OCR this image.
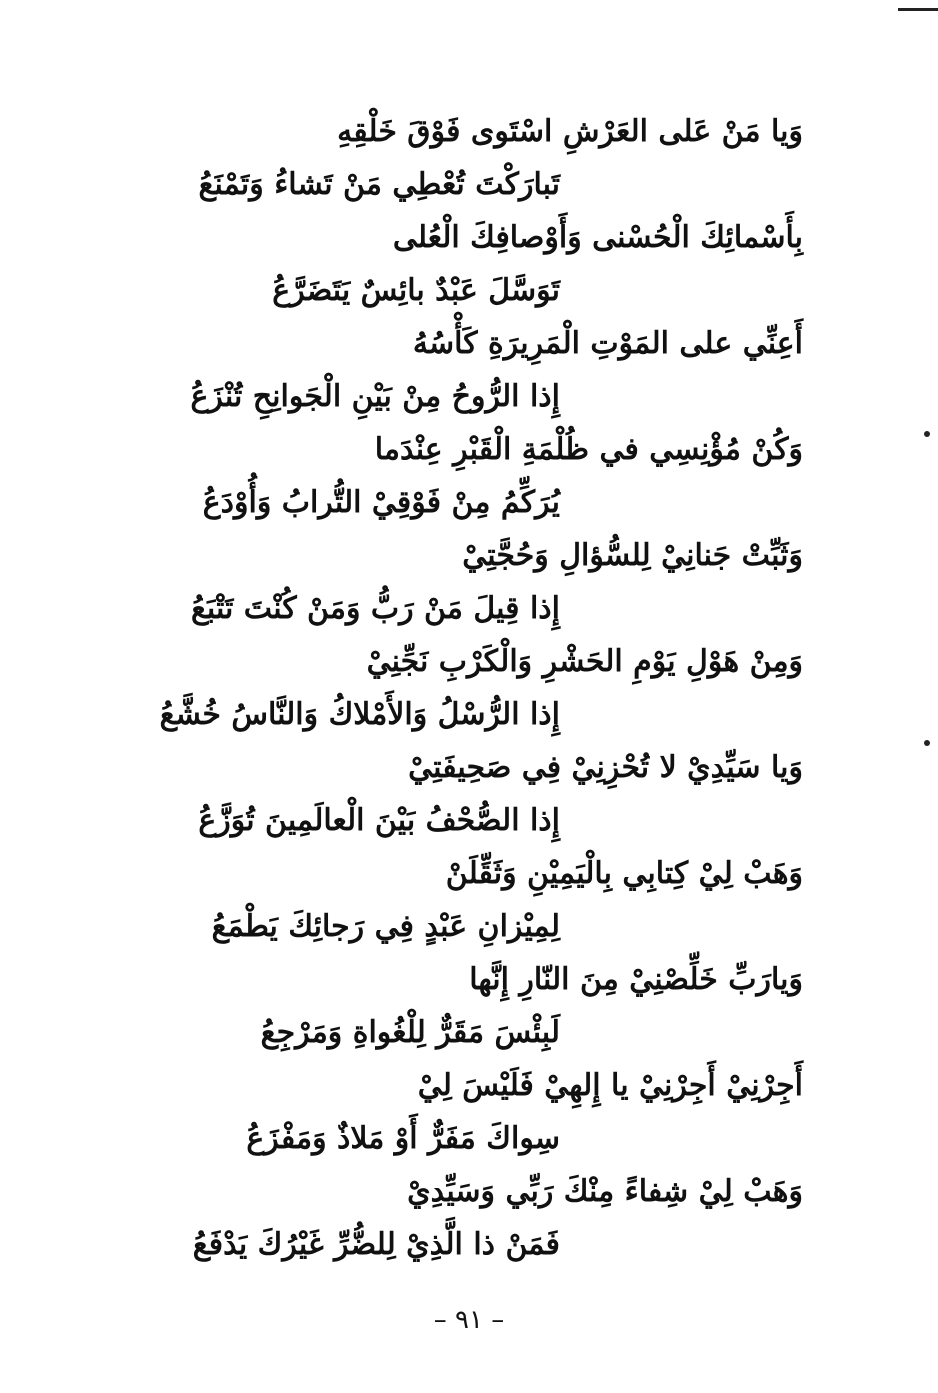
وَيا مَنْ عَلى العَرْشِ اسْتَوى فَوْقَ خَلْقِهِ
تَبارَكْتَ تُعْطِي مَنْ تَشاءُ وَتَمْنَعُ
بِأَسْمائِكَ الْحُسْنى وَأَوْصافِكَ الْعُلى
تَوَسَّلَ عَبْدٌ بائِسٌ يَتَضَرَّعُ
أَعِنِّي على المَوْتِ الْمَرِيرَةِ كَأْسُهُ
إِذا الرُّوحُ مِنْ بَيْنِ الْجَوانِحِ تُنْزَعُ
وَكُنْ مُؤْنِسِي في ظُلْمَةِ الْقَبْرِ عِنْدَما
يُرَكِّمُ مِنْ فَوْقِيْ التُّرابُ وَأُوْدَعُ
وَثَبِّتْ جَنانِيْ لِلسُّؤالِ وَحُجَّتِيْ
إِذا قِيلَ مَنْ رَبُّ وَمَنْ كُنْتَ تَتْبَعُ
وَمِنْ هَوْلِ يَوْمِ الحَشْرِ وَالْكَرْبِ نَجِّنِيْ
إِذا الرُّسْلُ وَالأَمْلاكُ وَالنَّاسُ خُشَّعُ
وَيا سَيِّدِيْ لا تُحْزِنِيْ فِي صَحِيفَتِيْ
إِذا الصُّحْفُ بَيْنَ الْعالَمِينَ تُوَزَّعُ
وَهَبْ لِيْ كِتابِي بِالْيَمِيْنِ وَثَقِّلَنْ
لِمِيْزانِ عَبْدٍ فِي رَجائِكَ يَطْمَعُ
وَيارَبِّ خَلِّصْنِيْ مِنَ النّارِ إِنَّها
لَبِئْسَ مَقَرٌّ لِلْغُواةِ وَمَرْجِعُ
أَجِرْنِيْ أَجِرْنِيْ يا إِلهِيْ فَلَيْسَ لِيْ
سِواكَ مَفَرٌّ أَوْ مَلاذٌ وَمَفْزَعُ
وَهَبْ لِيْ شِفاءً مِنْكَ رَبِّي وَسَيِّدِيْ
فَمَنْ ذا الَّذِيْ لِلضُّرِّ غَيْرُكَ يَدْفَعُ
– ٩١ –
